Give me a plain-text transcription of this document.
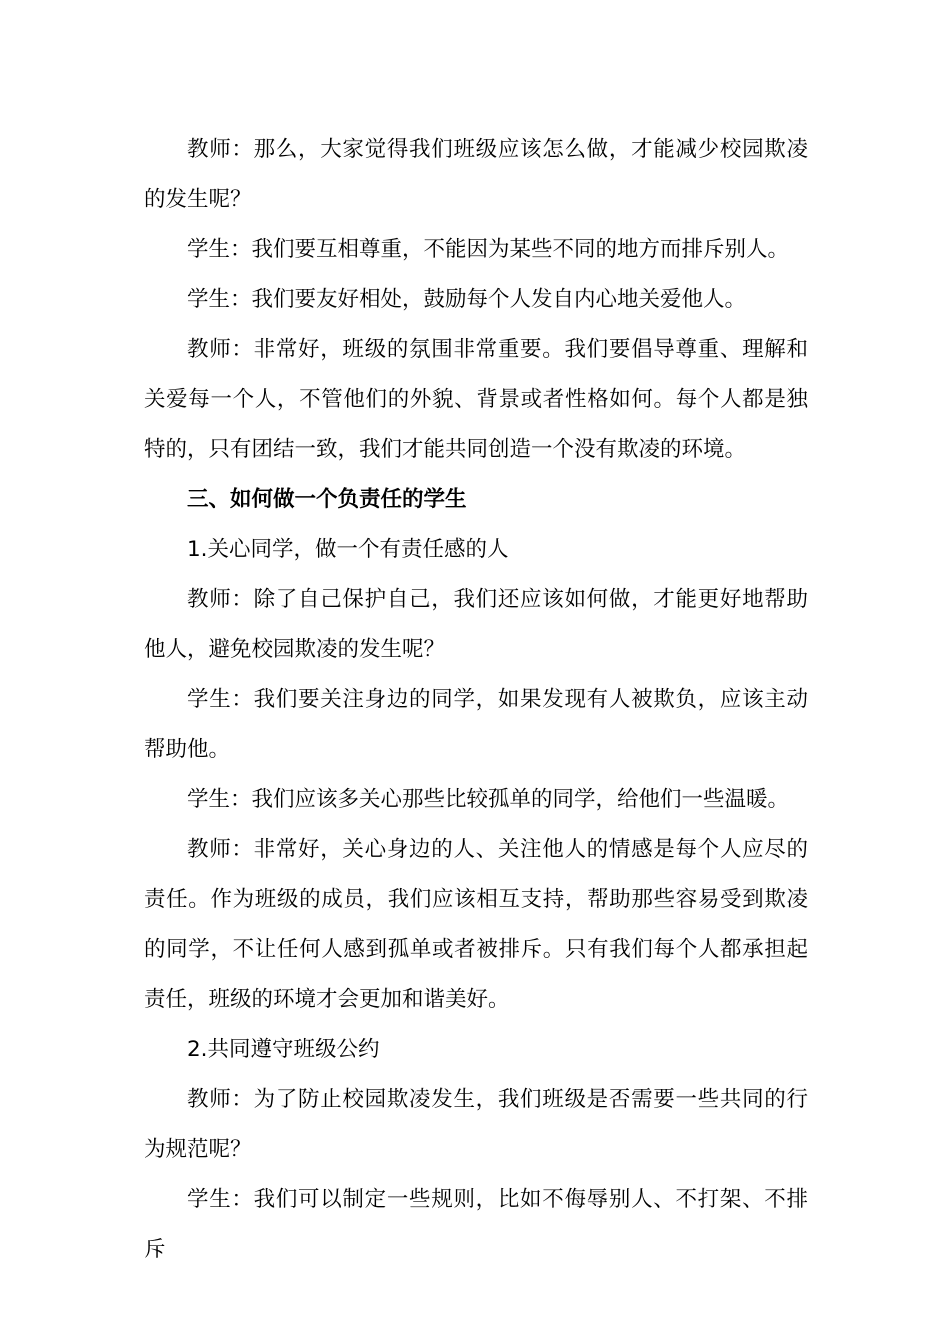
教师：那么，大家觉得我们班级应该怎么做，才能减少校园欺凌的发生呢？

学生：我们要互相尊重，不能因为某些不同的地方而排斥别人。

学生：我们要友好相处，鼓励每个人发自内心地关爱他人。

教师：非常好，班级的氛围非常重要。我们要倡导尊重、理解和关爱每一个人，不管他们的外貌、背景或者性格如何。每个人都是独特的，只有团结一致，我们才能共同创造一个没有欺凌的环境。

三、如何做一个负责任的学生

1.关心同学，做一个有责任感的人

教师：除了自己保护自己，我们还应该如何做，才能更好地帮助他人，避免校园欺凌的发生呢？

学生：我们要关注身边的同学，如果发现有人被欺负，应该主动帮助他。

学生：我们应该多关心那些比较孤单的同学，给他们一些温暖。

教师：非常好，关心身边的人、关注他人的情感是每个人应尽的责任。作为班级的成员，我们应该相互支持，帮助那些容易受到欺凌的同学，不让任何人感到孤单或者被排斥。只有我们每个人都承担起责任，班级的环境才会更加和谐美好。

2.共同遵守班级公约

教师：为了防止校园欺凌发生，我们班级是否需要一些共同的行为规范呢？

学生：我们可以制定一些规则，比如不侮辱别人、不打架、不排斥
